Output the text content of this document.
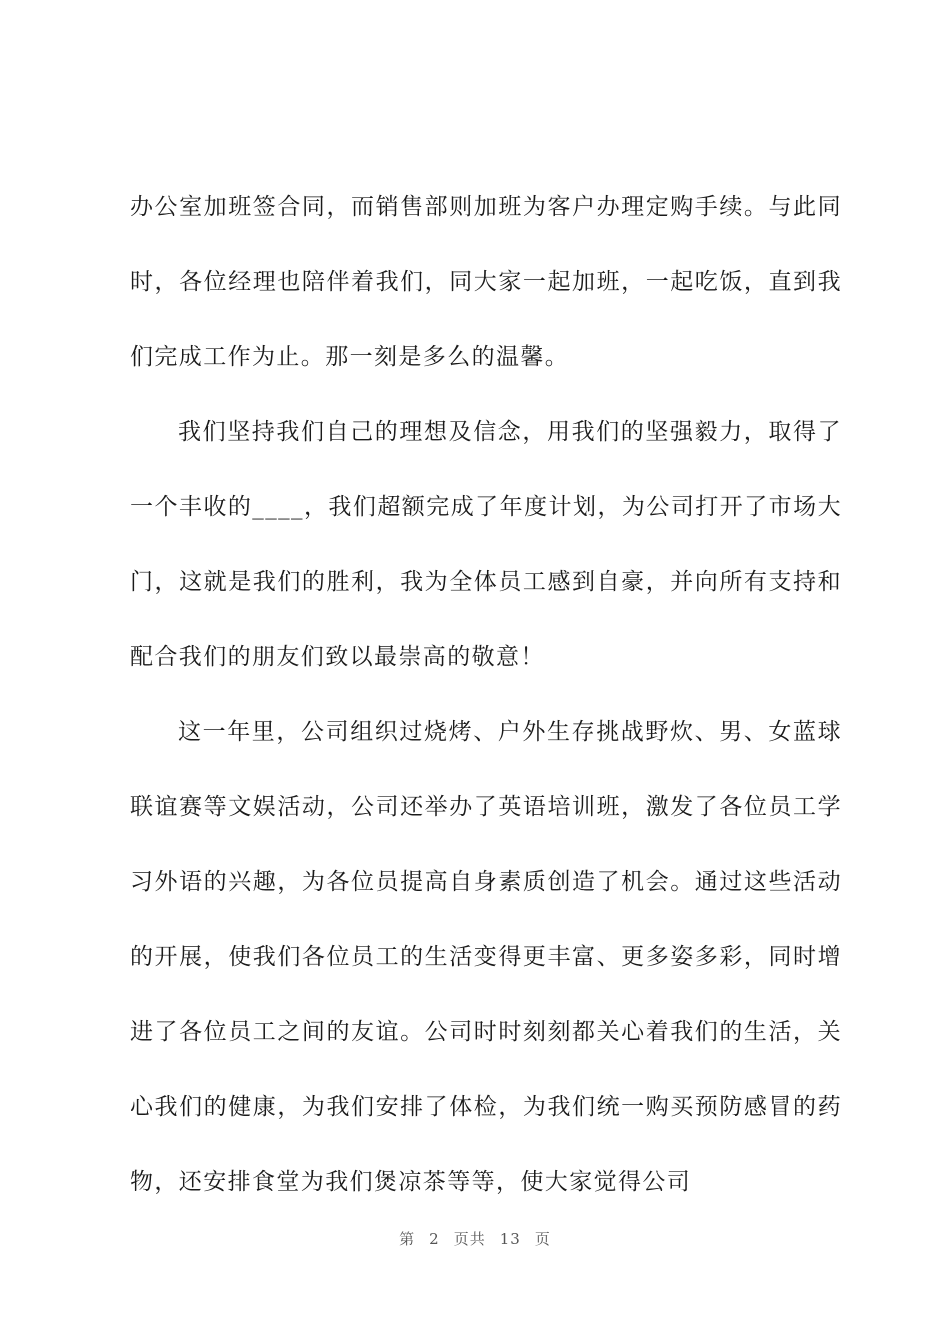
办公室加班签合同，而销售部则加班为客户办理定购手续。与此同时，各位经理也陪伴着我们，同大家一起加班，一起吃饭，直到我们完成工作为止。那一刻是多么的温馨。

我们坚持我们自己的理想及信念，用我们的坚强毅力，取得了一个丰收的____，我们超额完成了年度计划，为公司打开了市场大门，这就是我们的胜利，我为全体员工感到自豪，并向所有支持和配合我们的朋友们致以最崇高的敬意！

这一年里，公司组织过烧烤、户外生存挑战野炊、男、女蓝球联谊赛等文娱活动，公司还举办了英语培训班，激发了各位员工学习外语的兴趣，为各位员提高自身素质创造了机会。通过这些活动的开展，使我们各位员工的生活变得更丰富、更多姿多彩，同时增进了各位员工之间的友谊。公司时时刻刻都关心着我们的生活，关心我们的健康，为我们安排了体检，为我们统一购买预防感冒的药物，还安排食堂为我们煲凉茶等等，使大家觉得公司

第 2 页共 13 页
